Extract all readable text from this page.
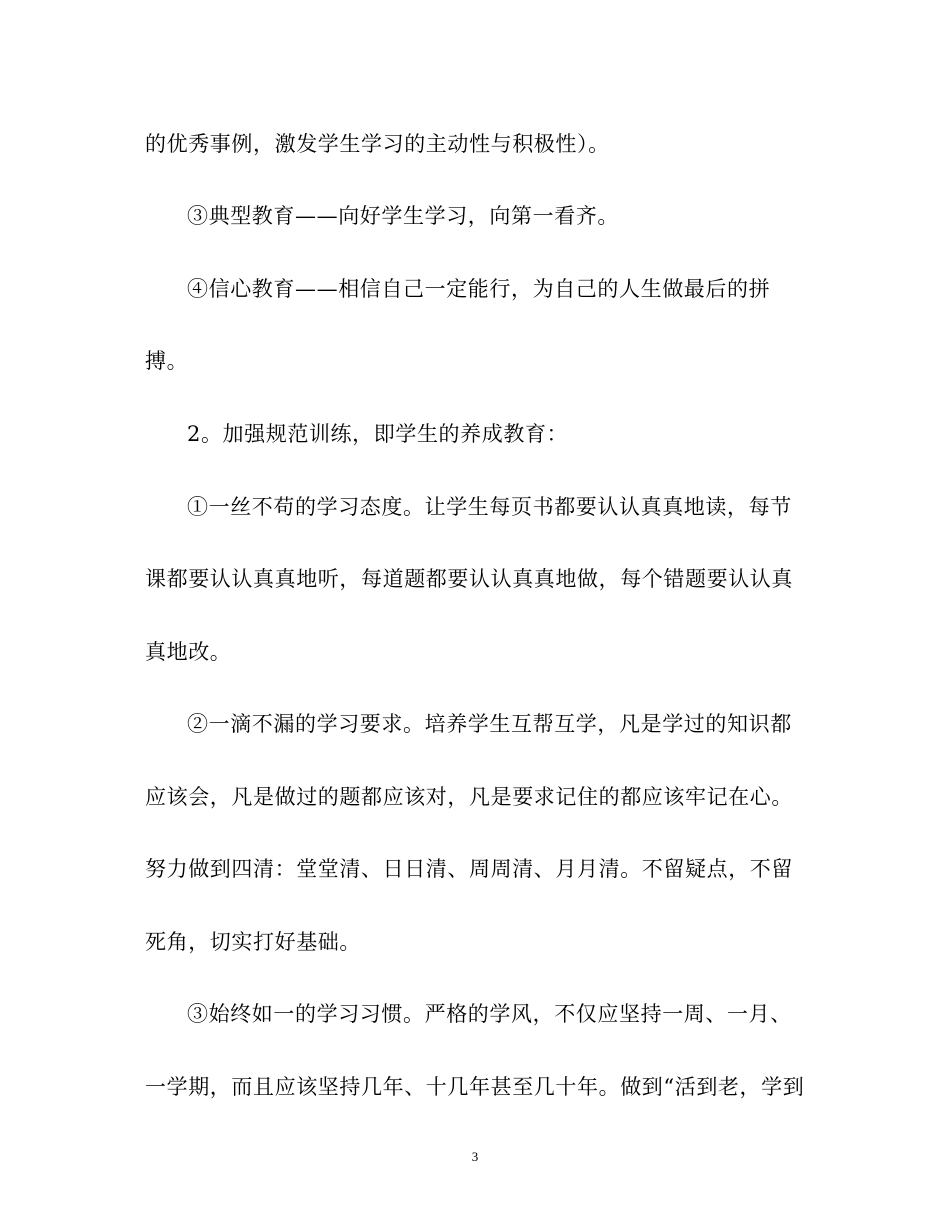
的优秀事例，激发学生学习的主动性与积极性）。
③典型教育——向好学生学习，向第一看齐。
④信心教育——相信自己一定能行，为自己的人生做最后的拼
搏。
2。加强规范训练，即学生的养成教育：
①一丝不苟的学习态度。让学生每页书都要认认真真地读，每节
课都要认认真真地听，每道题都要认认真真地做，每个错题要认认真
真地改。
②一滴不漏的学习要求。培养学生互帮互学，凡是学过的知识都
应该会，凡是做过的题都应该对，凡是要求记住的都应该牢记在心。
努力做到四清：堂堂清、日日清、周周清、月月清。不留疑点，不留
死角，切实打好基础。
③始终如一的学习习惯。严格的学风，不仅应坚持一周、一月、
一学期，而且应该坚持几年、十几年甚至几十年。做到“活到老，学到
3
